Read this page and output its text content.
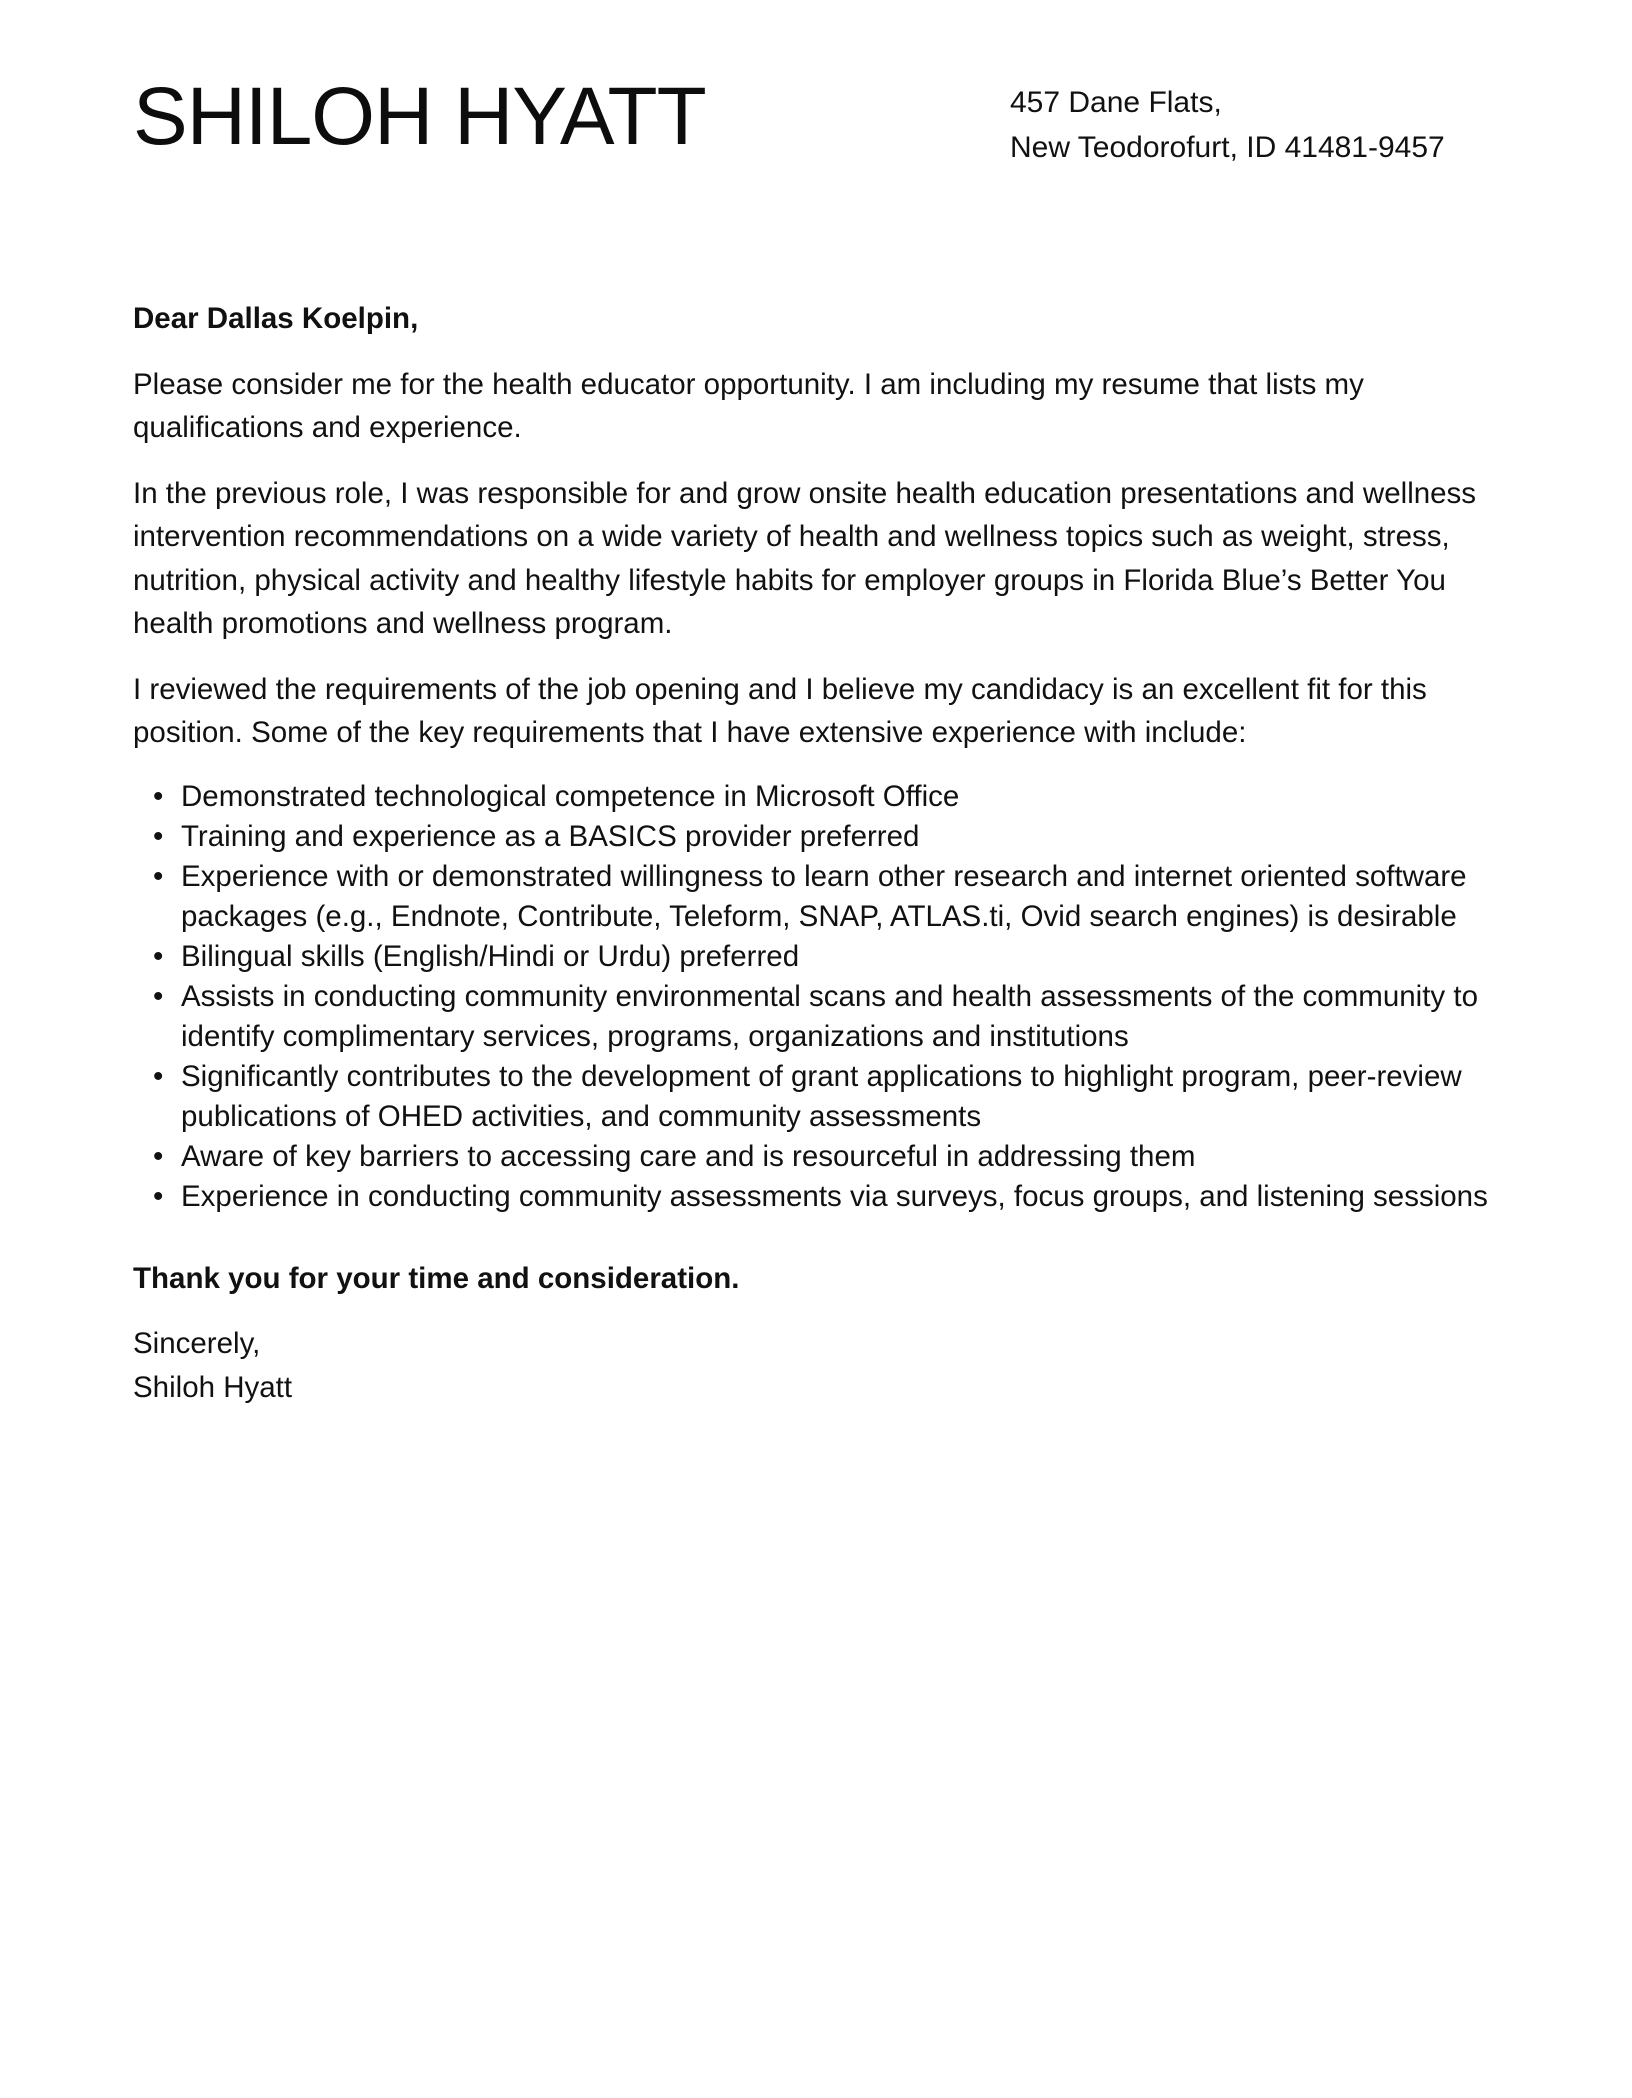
SHILOH HYATT	457 Dane Flats,
New Teodorofurt, ID 41481-9457

Dear Dallas Koelpin,

Please consider me for the health educator opportunity. I am including my resume that lists my qualifications and experience.

In the previous role, I was responsible for and grow onsite health education presentations and wellness intervention recommendations on a wide variety of health and wellness topics such as weight, stress, nutrition, physical activity and healthy lifestyle habits for employer groups in Florida Blue’s Better You health promotions and wellness program.

I reviewed the requirements of the job opening and I believe my candidacy is an excellent fit for this position. Some of the key requirements that I have extensive experience with include:

• Demonstrated technological competence in Microsoft Office
• Training and experience as a BASICS provider preferred
• Experience with or demonstrated willingness to learn other research and internet oriented software packages (e.g., Endnote, Contribute, Teleform, SNAP, ATLAS.ti, Ovid search engines) is desirable
• Bilingual skills (English/Hindi or Urdu) preferred
• Assists in conducting community environmental scans and health assessments of the community to identify complimentary services, programs, organizations and institutions
• Significantly contributes to the development of grant applications to highlight program, peer-review publications of OHED activities, and community assessments
• Aware of key barriers to accessing care and is resourceful in addressing them
• Experience in conducting community assessments via surveys, focus groups, and listening sessions

Thank you for your time and consideration.

Sincerely,

Shiloh Hyatt
